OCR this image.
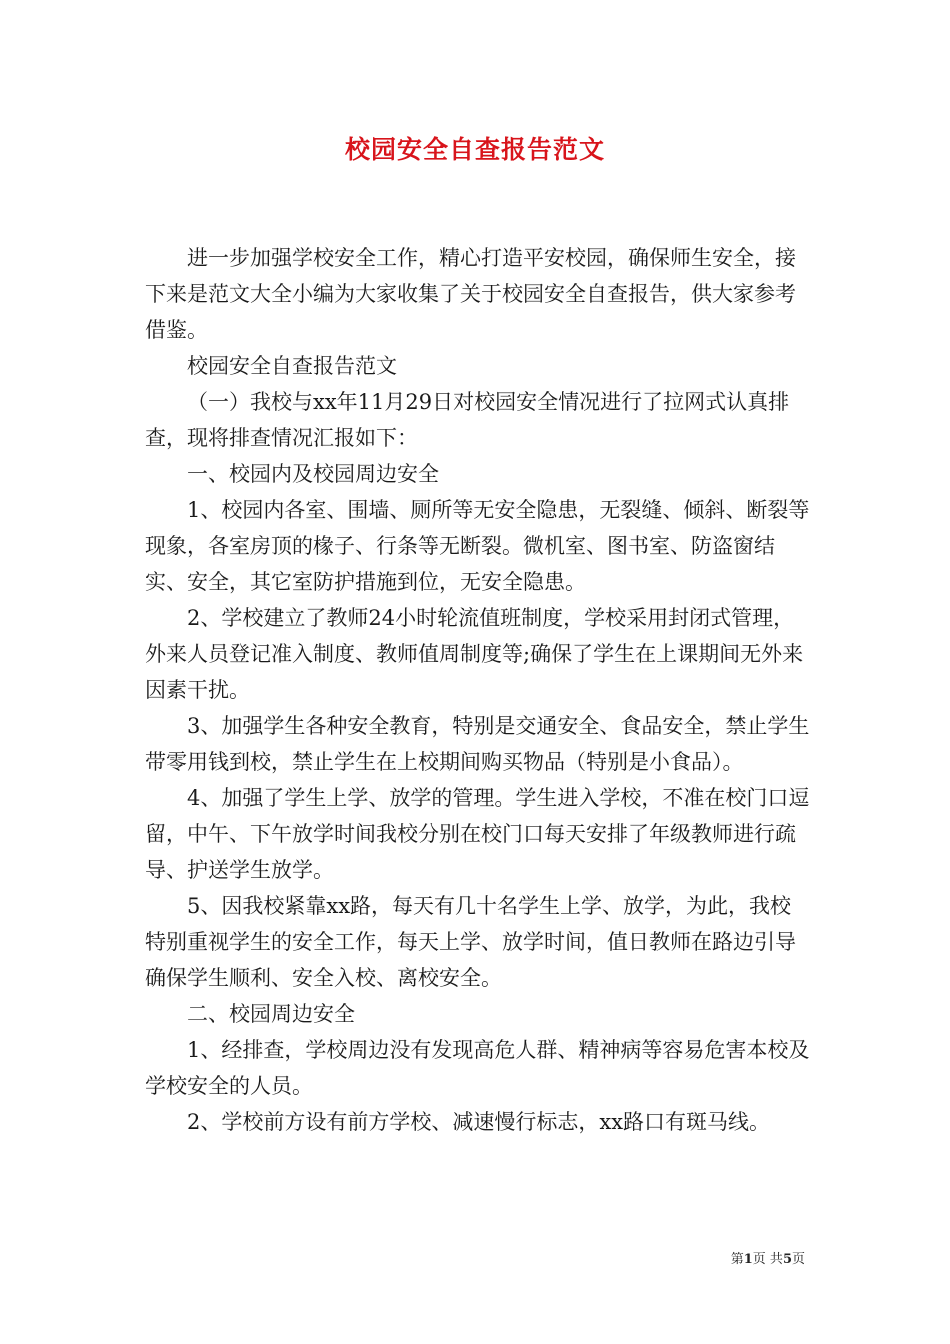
校园安全自查报告范文

进一步加强学校安全工作，精心打造平安校园，确保师生安全，接下来是范文大全小编为大家收集了关于校园安全自查报告，供大家参考借鉴。

校园安全自查报告范文

（一）我校与xx年11月29日对校园安全情况进行了拉网式认真排查，现将排查情况汇报如下：

一、校园内及校园周边安全

1、校园内各室、围墙、厕所等无安全隐患，无裂缝、倾斜、断裂等现象，各室房顶的椽子、行条等无断裂。微机室、图书室、防盗窗结实、安全，其它室防护措施到位，无安全隐患。

2、学校建立了教师24小时轮流值班制度，学校采用封闭式管理，外来人员登记准入制度、教师值周制度等;确保了学生在上课期间无外来因素干扰。

3、加强学生各种安全教育，特别是交通安全、食品安全，禁止学生带零用钱到校，禁止学生在上校期间购买物品（特别是小食品）。

4、加强了学生上学、放学的管理。学生进入学校，不准在校门口逗留，中午、下午放学时间我校分别在校门口每天安排了年级教师进行疏导、护送学生放学。

5、因我校紧靠xx路，每天有几十名学生上学、放学，为此，我校特别重视学生的安全工作，每天上学、放学时间，值日教师在路边引导确保学生顺利、安全入校、离校安全。

二、校园周边安全

1、经排查，学校周边没有发现高危人群、精神病等容易危害本校及学校安全的人员。

2、学校前方设有前方学校、减速慢行标志，xx路口有斑马线。

第1页 共5页
